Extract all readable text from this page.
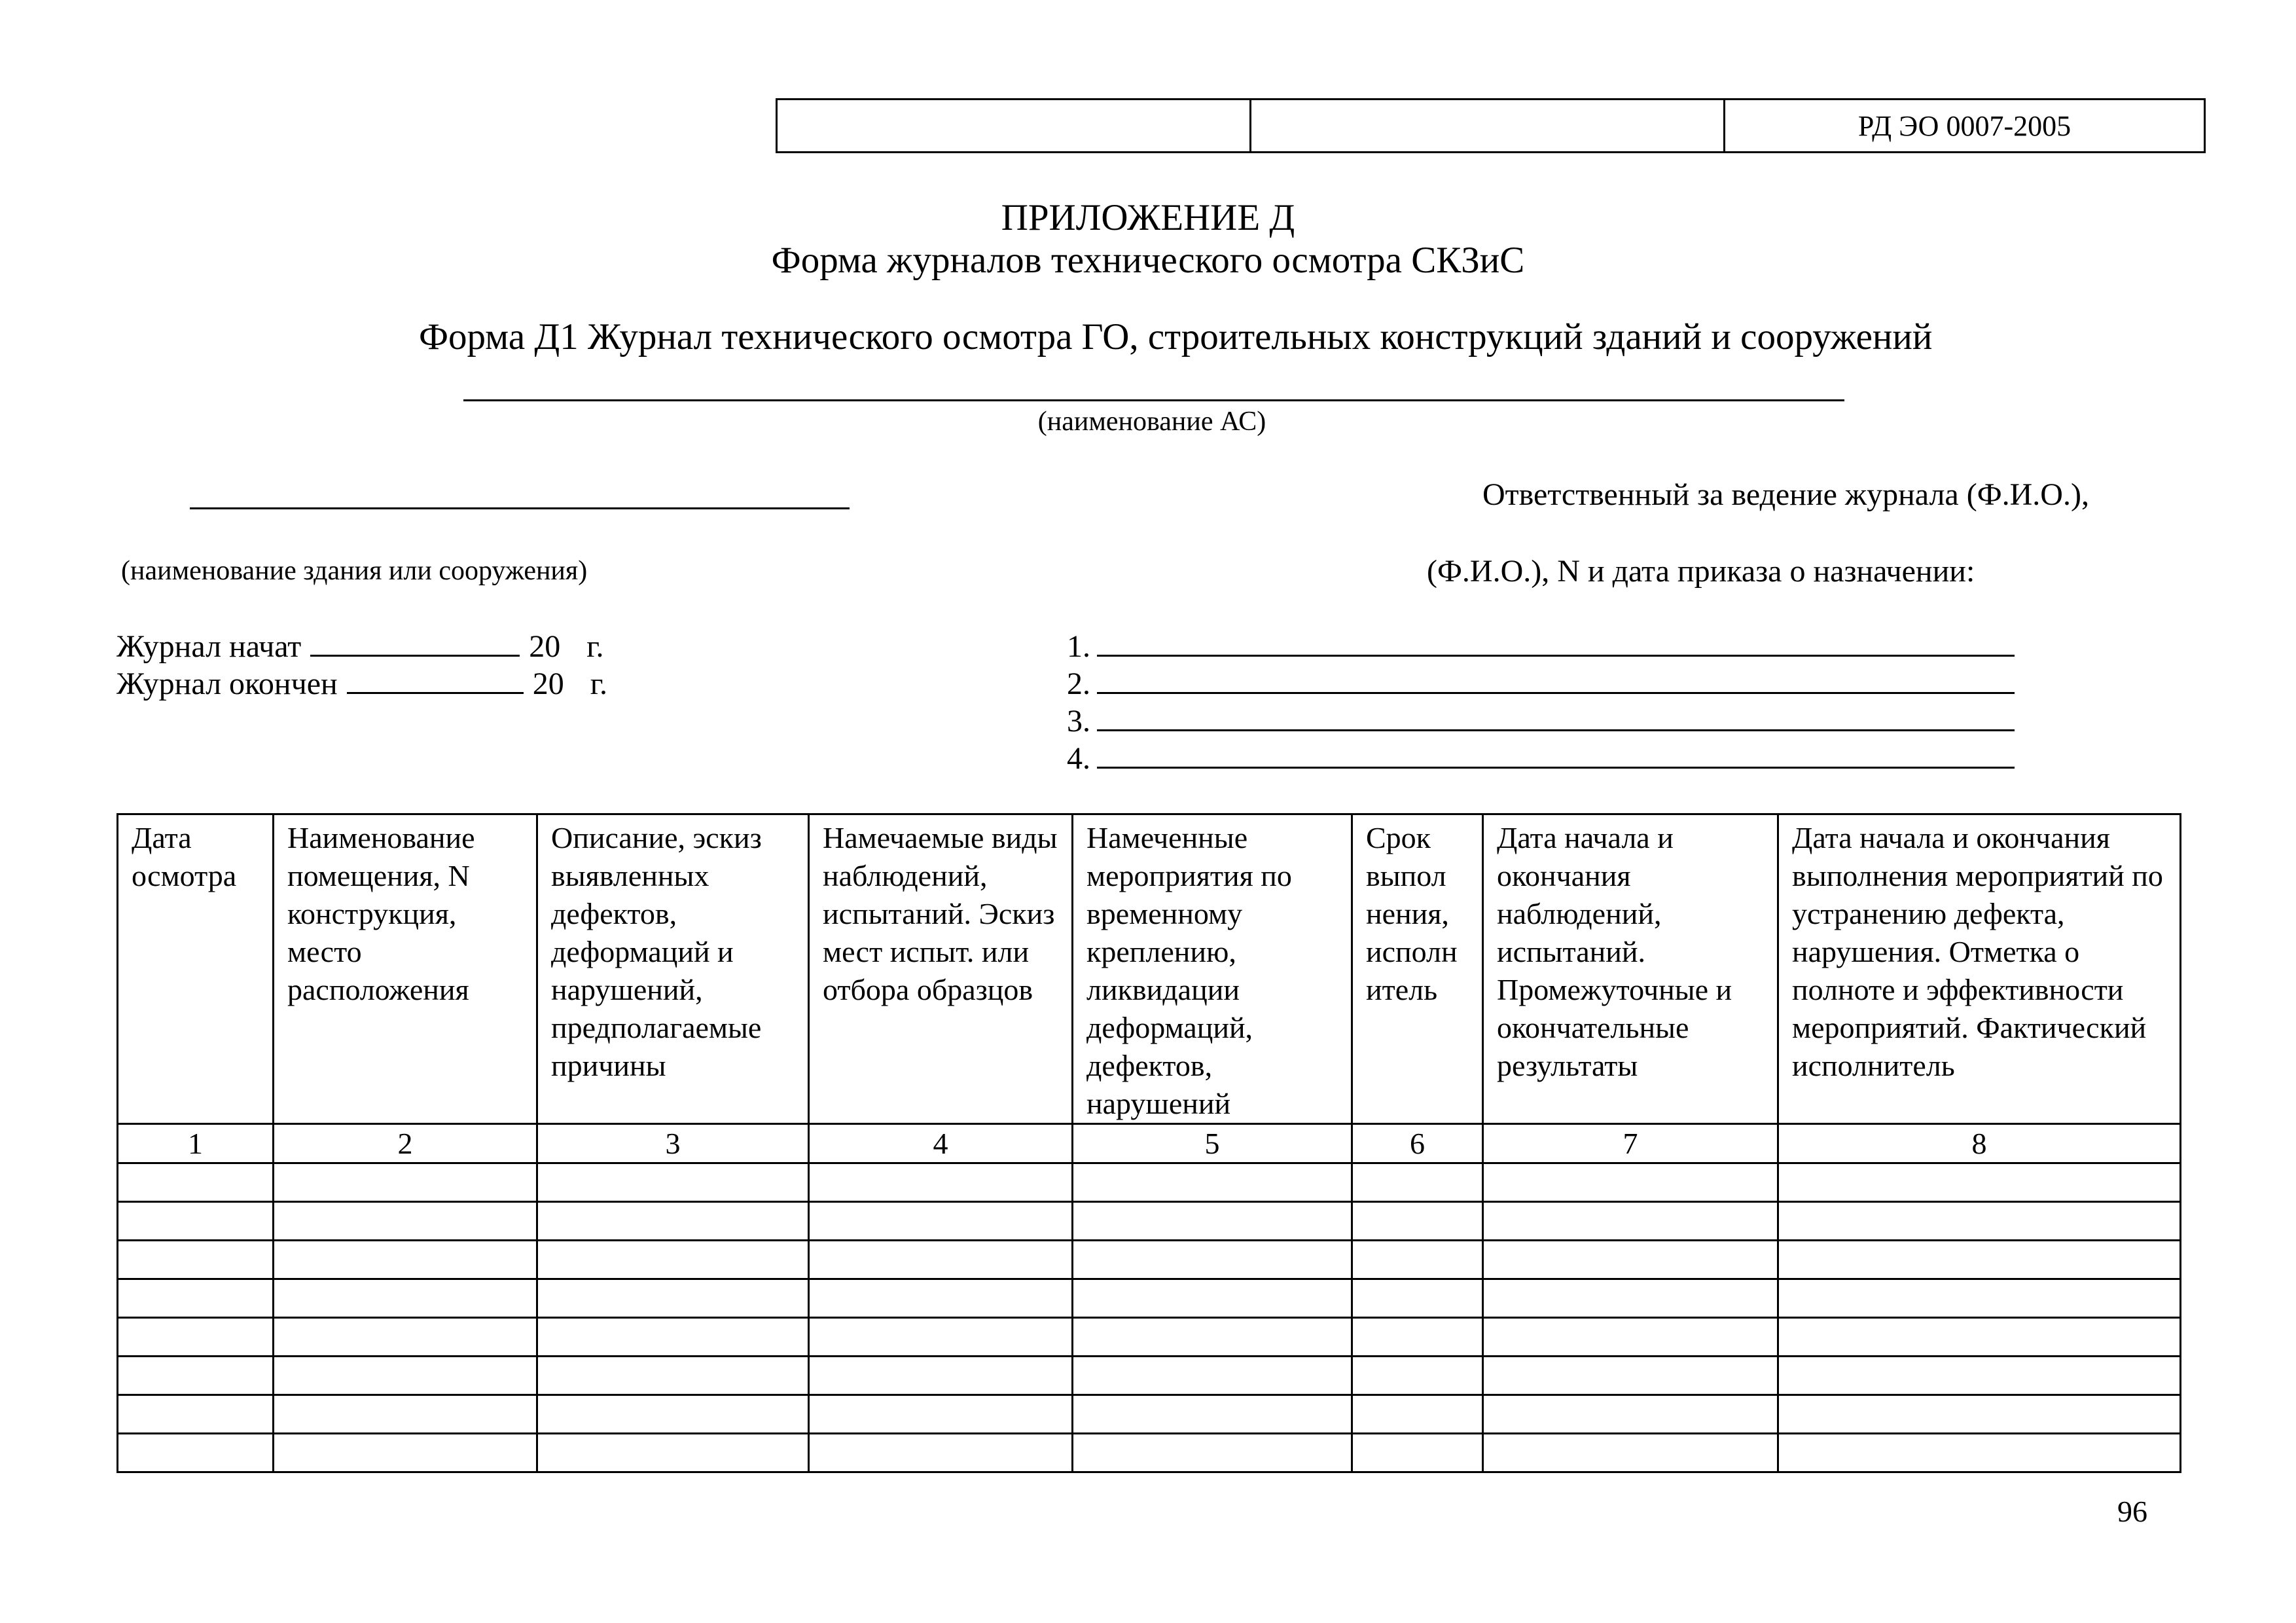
РД ЭО 0007-2005
ПРИЛОЖЕНИЕ Д
Форма журналов технического осмотра СКЗиС
Форма Д1 Журнал технического осмотра ГО, строительных конструкций зданий и сооружений
(наименование АС)
(наименование здания или сооружения)
Ответственный за ведение журнала (Ф.И.О.),
(Ф.И.О.), N и дата приказа о назначении:
Журнал начат	20 г.
Журнал окончен	20 г.
1.
2.
3.
4.
Дата осмотра	Наименование помещения, N конструкция, место расположения	Описание, эскиз выявленных дефектов, деформаций и нарушений, предполагаемые причины	Намечаемые виды наблюдений, испытаний. Эскиз мест испыт. или отбора образцов	Намеченные мероприятия по временному креплению, ликвидации деформаций, дефектов, нарушений	Срок выпол нения, исполн итель	Дата начала и окончания наблюдений, испытаний. Промежуточные и окончательные результаты	Дата начала и окончания выполнения мероприятий по устранению дефекта, нарушения. Отметка о полноте и эффективности мероприятий. Фактический исполнитель
1	2	3	4	5	6	7	8

96
